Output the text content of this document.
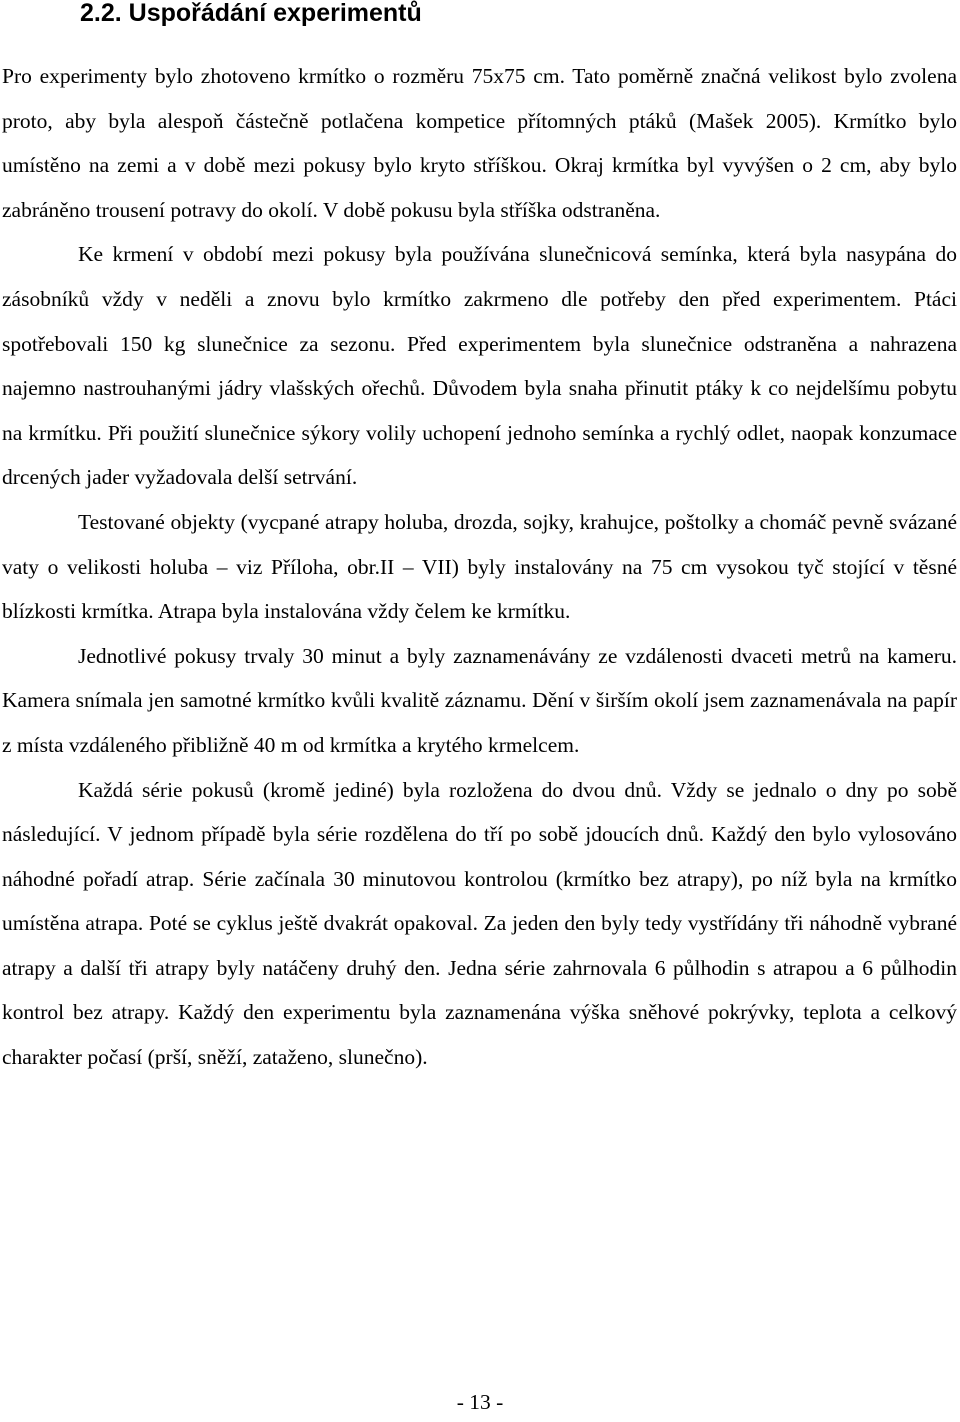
2.2. Uspořádání experimentů

Pro experimenty bylo zhotoveno krmítko o rozměru 75x75 cm. Tato poměrně značná velikost bylo zvolena proto, aby byla alespoň částečně potlačena kompetice přítomných ptáků (Mašek 2005). Krmítko bylo umístěno na zemi a v době mezi pokusy bylo kryto stříškou. Okraj krmítka byl vyvýšen o 2 cm, aby bylo zabráněno trousení potravy do okolí. V době pokusu byla stříška odstraněna.

Ke krmení v období mezi pokusy byla používána slunečnicová semínka, která byla nasypána do zásobníků vždy v neděli a znovu bylo krmítko zakrmeno dle potřeby den před experimentem. Ptáci spotřebovali 150 kg slunečnice za sezonu. Před experimentem byla slunečnice odstraněna a nahrazena najemno nastrouhanými jádry vlašských ořechů. Důvodem byla snaha přinutit ptáky k co nejdelšímu pobytu na krmítku. Při použití slunečnice sýkory volily uchopení jednoho semínka a rychlý odlet, naopak konzumace drcených jader vyžadovala delší setrvání.

Testované objekty (vycpané atrapy holuba, drozda, sojky, krahujce, poštolky a chomáč pevně svázané vaty o velikosti holuba – viz Příloha, obr.II – VII) byly instalovány na 75 cm vysokou tyč stojící v těsné blízkosti krmítka. Atrapa byla instalována vždy čelem ke krmítku.

Jednotlivé pokusy trvaly 30 minut a byly zaznamenávány ze vzdálenosti dvaceti metrů na kameru. Kamera snímala jen samotné krmítko kvůli kvalitě záznamu. Dění v širším okolí jsem zaznamenávala na papír z místa vzdáleného přibližně 40 m od krmítka a krytého krmelcem.

Každá série pokusů (kromě jediné) byla rozložena do dvou dnů. Vždy se jednalo o dny po sobě následující. V jednom případě byla série rozdělena do tří po sobě jdoucích dnů. Každý den bylo vylosováno náhodné pořadí atrap. Série začínala 30 minutovou kontrolou (krmítko bez atrapy), po níž byla na krmítko umístěna atrapa. Poté se cyklus ještě dvakrát opakoval. Za jeden den byly tedy vystřídány tři náhodně vybrané atrapy a další tři atrapy byly natáčeny druhý den. Jedna série zahrnovala 6 půlhodin s atrapou a 6 půlhodin kontrol bez atrapy. Každý den experimentu byla zaznamenána výška sněhové pokrývky, teplota a celkový charakter počasí (prší, sněží, zataženo, slunečno).

- 13 -
